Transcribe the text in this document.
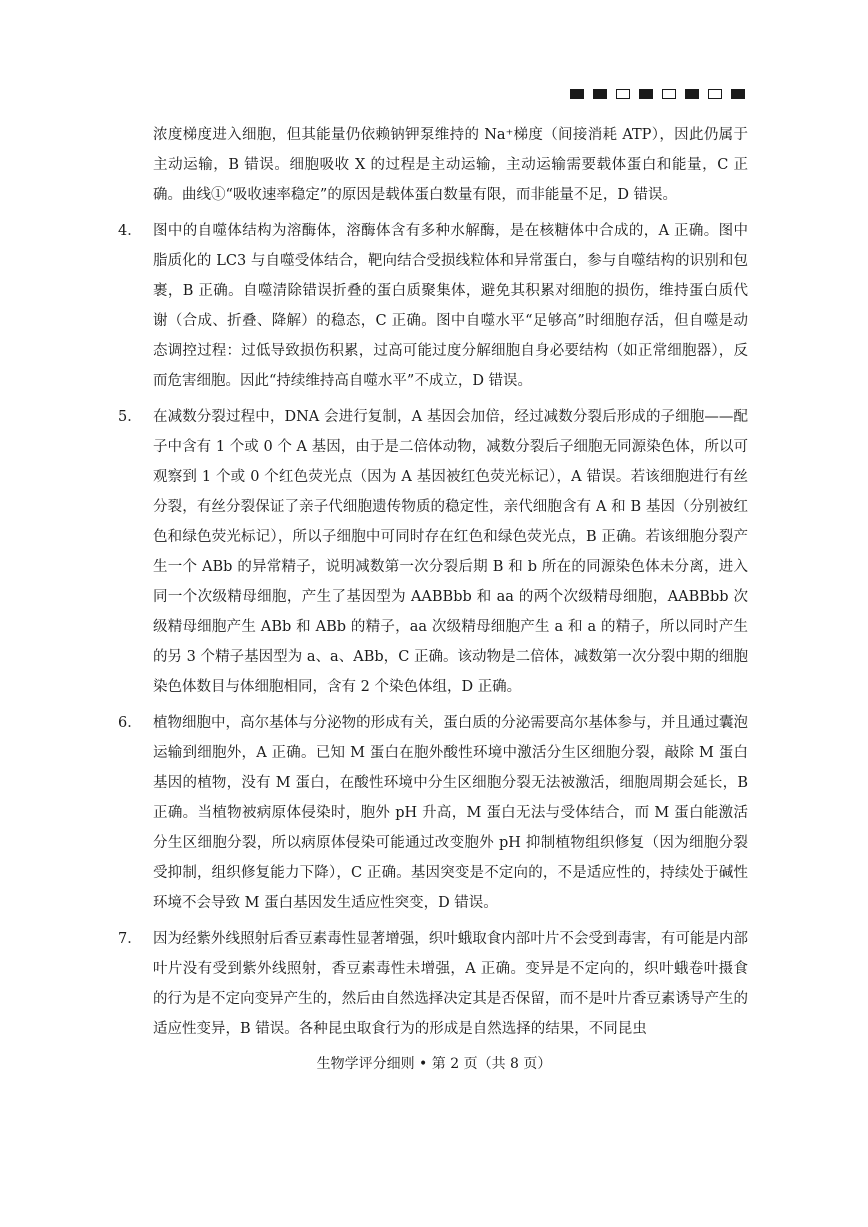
浓度梯度进入细胞，但其能量仍依赖钠钾泵维持的 Na⁺梯度（间接消耗 ATP），因此仍属于主动运输，B 错误。细胞吸收 X 的过程是主动运输，主动运输需要载体蛋白和能量，C 正确。曲线①“吸收速率稳定”的原因是载体蛋白数量有限，而非能量不足，D 错误。

4． 图中的自噬体结构为溶酶体，溶酶体含有多种水解酶，是在核糖体中合成的，A 正确。图中脂质化的 LC3 与自噬受体结合，靶向结合受损线粒体和异常蛋白，参与自噬结构的识别和包裹，B 正确。自噬清除错误折叠的蛋白质聚集体，避免其积累对细胞的损伤，维持蛋白质代谢（合成、折叠、降解）的稳态，C 正确。图中自噬水平“足够高”时细胞存活，但自噬是动态调控过程：过低导致损伤积累，过高可能过度分解细胞自身必要结构（如正常细胞器），反而危害细胞。因此“持续维持高自噬水平”不成立，D 错误。
5． 在减数分裂过程中，DNA 会进行复制，A 基因会加倍，经过减数分裂后形成的子细胞——配子中含有 1 个或 0 个 A 基因，由于是二倍体动物，减数分裂后子细胞无同源染色体，所以可观察到 1 个或 0 个红色荧光点（因为 A 基因被红色荧光标记），A 错误。若该细胞进行有丝分裂，有丝分裂保证了亲子代细胞遗传物质的稳定性，亲代细胞含有 A 和 B 基因（分别被红色和绿色荧光标记），所以子细胞中可同时存在红色和绿色荧光点，B 正确。若该细胞分裂产生一个 ABb 的异常精子，说明减数第一次分裂后期 B 和 b 所在的同源染色体未分离，进入同一个次级精母细胞，产生了基因型为 AABBbb 和 aa 的两个次级精母细胞，AABBbb 次级精母细胞产生 ABb 和 ABb 的精子，aa 次级精母细胞产生 a 和 a 的精子，所以同时产生的另 3 个精子基因型为 a、a、ABb，C 正确。该动物是二倍体，减数第一次分裂中期的细胞染色体数目与体细胞相同，含有 2 个染色体组，D 正确。
6． 植物细胞中，高尔基体与分泌物的形成有关，蛋白质的分泌需要高尔基体参与，并且通过囊泡运输到细胞外，A 正确。已知 M 蛋白在胞外酸性环境中激活分生区细胞分裂，敲除 M 蛋白基因的植物，没有 M 蛋白，在酸性环境中分生区细胞分裂无法被激活，细胞周期会延长，B 正确。当植物被病原体侵染时，胞外 pH 升高，M 蛋白无法与受体结合，而 M 蛋白能激活分生区细胞分裂，所以病原体侵染可能通过改变胞外 pH 抑制植物组织修复（因为细胞分裂受抑制，组织修复能力下降），C 正确。基因突变是不定向的，不是适应性的，持续处于碱性环境不会导致 M 蛋白基因发生适应性突变，D 错误。
7． 因为经紫外线照射后香豆素毒性显著增强，织叶蛾取食内部叶片不会受到毒害，有可能是内部叶片没有受到紫外线照射，香豆素毒性未增强，A 正确。变异是不定向的，织叶蛾卷叶摄食的行为是不定向变异产生的，然后由自然选择决定其是否保留，而不是叶片香豆素诱导产生的适应性变异，B 错误。各种昆虫取食行为的形成是自然选择的结果，不同昆虫
生物学评分细则 • 第 2 页（共 8 页）
